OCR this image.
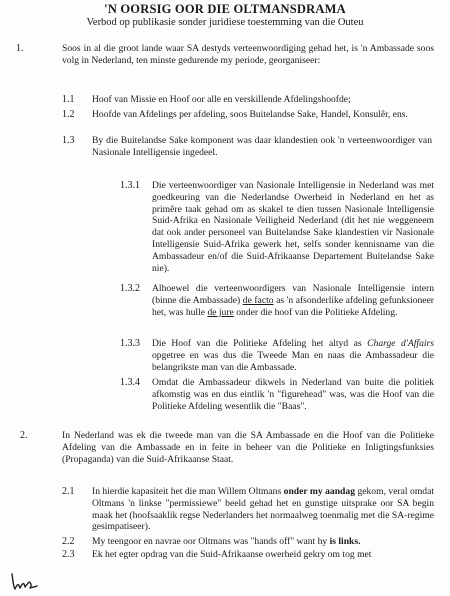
'N OORSIG OOR DIE OLTMANSDRAMA
Verbod op publikasie sonder juridiese toestemming van die Outeu
1.	Soos in al die groot lande waar SA destyds verteenwoordiging gehad het, is 'n Ambassade soos volg in Nederland, ten minste gedurende my periode, georganiseer:
1.1 Hoof van Missie en Hoof oor alle en verskillende Afdelingshoofde;
1.2 Hoofde van Afdelings per afdeling, soos Buitelandse Sake, Handel, Konsulêr, ens.
1.3 By die Buitelandse Sake komponent was daar klandestien ook 'n verteenwoordiger van Nasionale Intelligensie ingedeel.
1.3.1 Die verteenwoordiger van Nasionale Intelligensie in Nederland was met goedkeuring van die Nederlandse Owerheid in Nederland en het as primêre taak gehad om as skakel te dien tussen Nasionale Intelligensie Suid-Afrika en Nasionale Veiligheid Nederland (dit het nie weggeneem dat ook ander personeel van Buitelandse Sake klandestien vir Nasionale Intelligensie Suid-Afrika gewerk het, selfs sonder kennisname van die Ambassadeur en/of die Suid-Afrikaanse Departement Buitelandse Sake nie).
1.3.2 Alhoewel die verteenwoordigers van Nasionale Intelligensie intern (binne die Ambassade) de facto as 'n afsonderlike afdeling gefunksioneer het, was hulle de jure onder die hoof van die Politieke Afdeling.
1.3.3 Die Hoof van die Politieke Afdeling het altyd as Charge d'Affairs opgetree en was dus die Tweede Man en naas die Ambassadeur die belangrikste man van die Ambassade.
1.3.4 Omdat die Ambassadeur dikwels in Nederland van buite die politiek afkomstig was en dus eintlik 'n "figurehead" was, was die Hoof van die Politieke Afdeling wesentlik die "Baas".
2.	In Nederland was ek die tweede man van die SA Ambassade en die Hoof van die Politieke Afdeling van die Ambassade en in feite in beheer van die Politieke en Inligtingsfunksies (Propaganda) van die Suid-Afrikaanse Staat.
2.1 In hierdie kapasiteit het die man Willem Oltmans onder my aandag gekom, veral omdat Oltmans 'n linkse "permissiewe" beeld gehad het en gunstige uitsprake oor SA begin maak het (hoofsaaklik regse Nederlanders het normaalweg toenmalig met die SA-regime gesimpatiseer).
2.2 My teengoor en navrae oor Oltmans was "hands off" want hy is links.
2.3 Ek het egter opdrag van die Suid-Afrikaanse owerheid gekry om tog met
